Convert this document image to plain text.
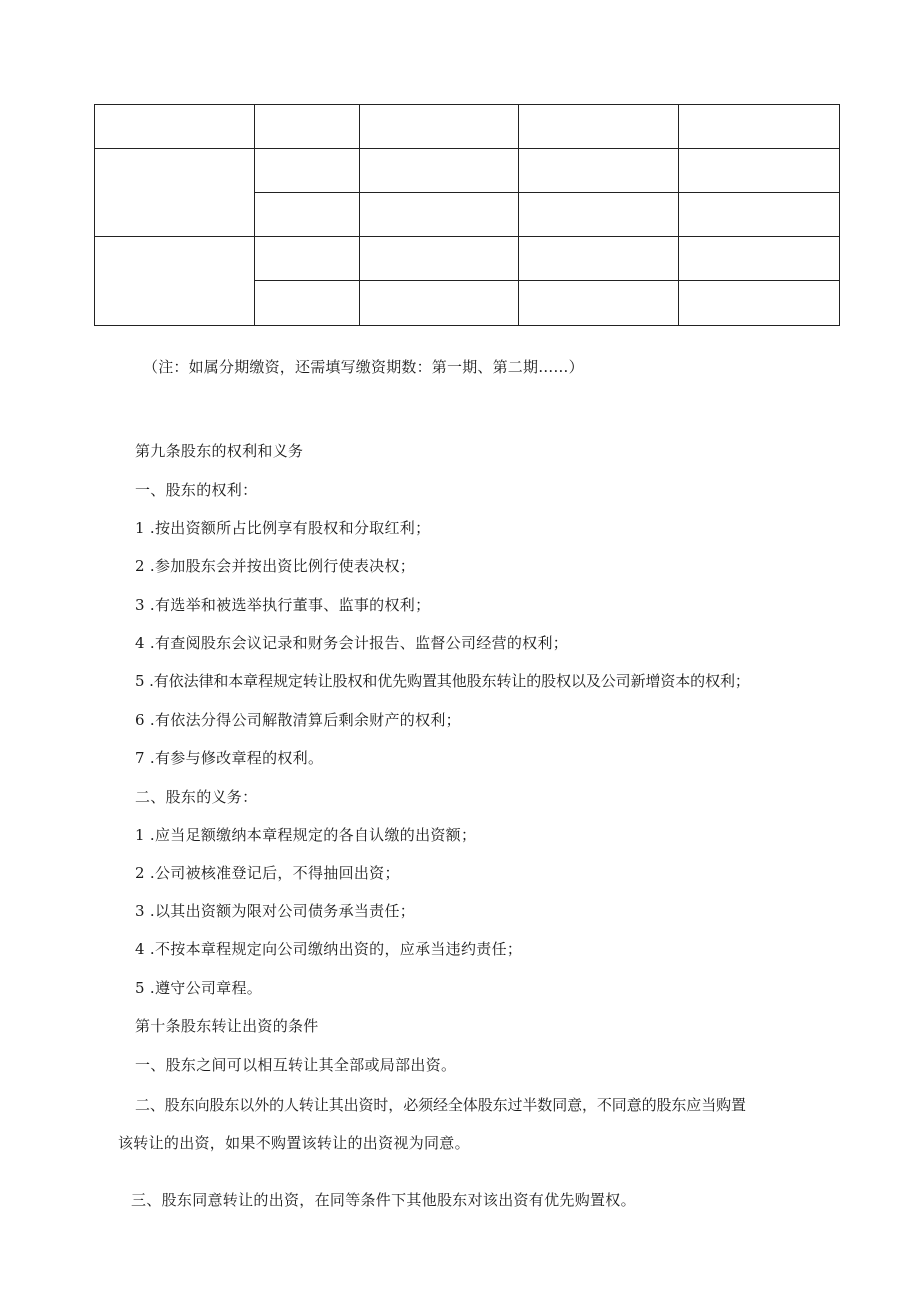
（注：如属分期缴资，还需填写缴资期数：第一期、第二期……）
第九条股东的权利和义务
一、股东的权利：
1 .按出资额所占比例享有股权和分取红利；
2 .参加股东会并按出资比例行使表决权；
3 .有选举和被选举执行董事、监事的权利；
4 .有查阅股东会议记录和财务会计报告、监督公司经营的权利；
5 .有依法律和本章程规定转让股权和优先购置其他股东转让的股权以及公司新增资本的权利；
6 .有依法分得公司解散清算后剩余财产的权利；
7 .有参与修改章程的权利。
二、股东的义务：
1 .应当足额缴纳本章程规定的各自认缴的出资额；
2 .公司被核准登记后，不得抽回出资；
3 .以其出资额为限对公司债务承当责任；
4 .不按本章程规定向公司缴纳出资的，应承当违约责任；
5 .遵守公司章程。
第十条股东转让出资的条件
一、股东之间可以相互转让其全部或局部出资。
二、股东向股东以外的人转让其出资时，必须经全体股东过半数同意，不同意的股东应当购置
该转让的出资，如果不购置该转让的出资视为同意。
三、股东同意转让的出资，在同等条件下其他股东对该出资有优先购置权。
